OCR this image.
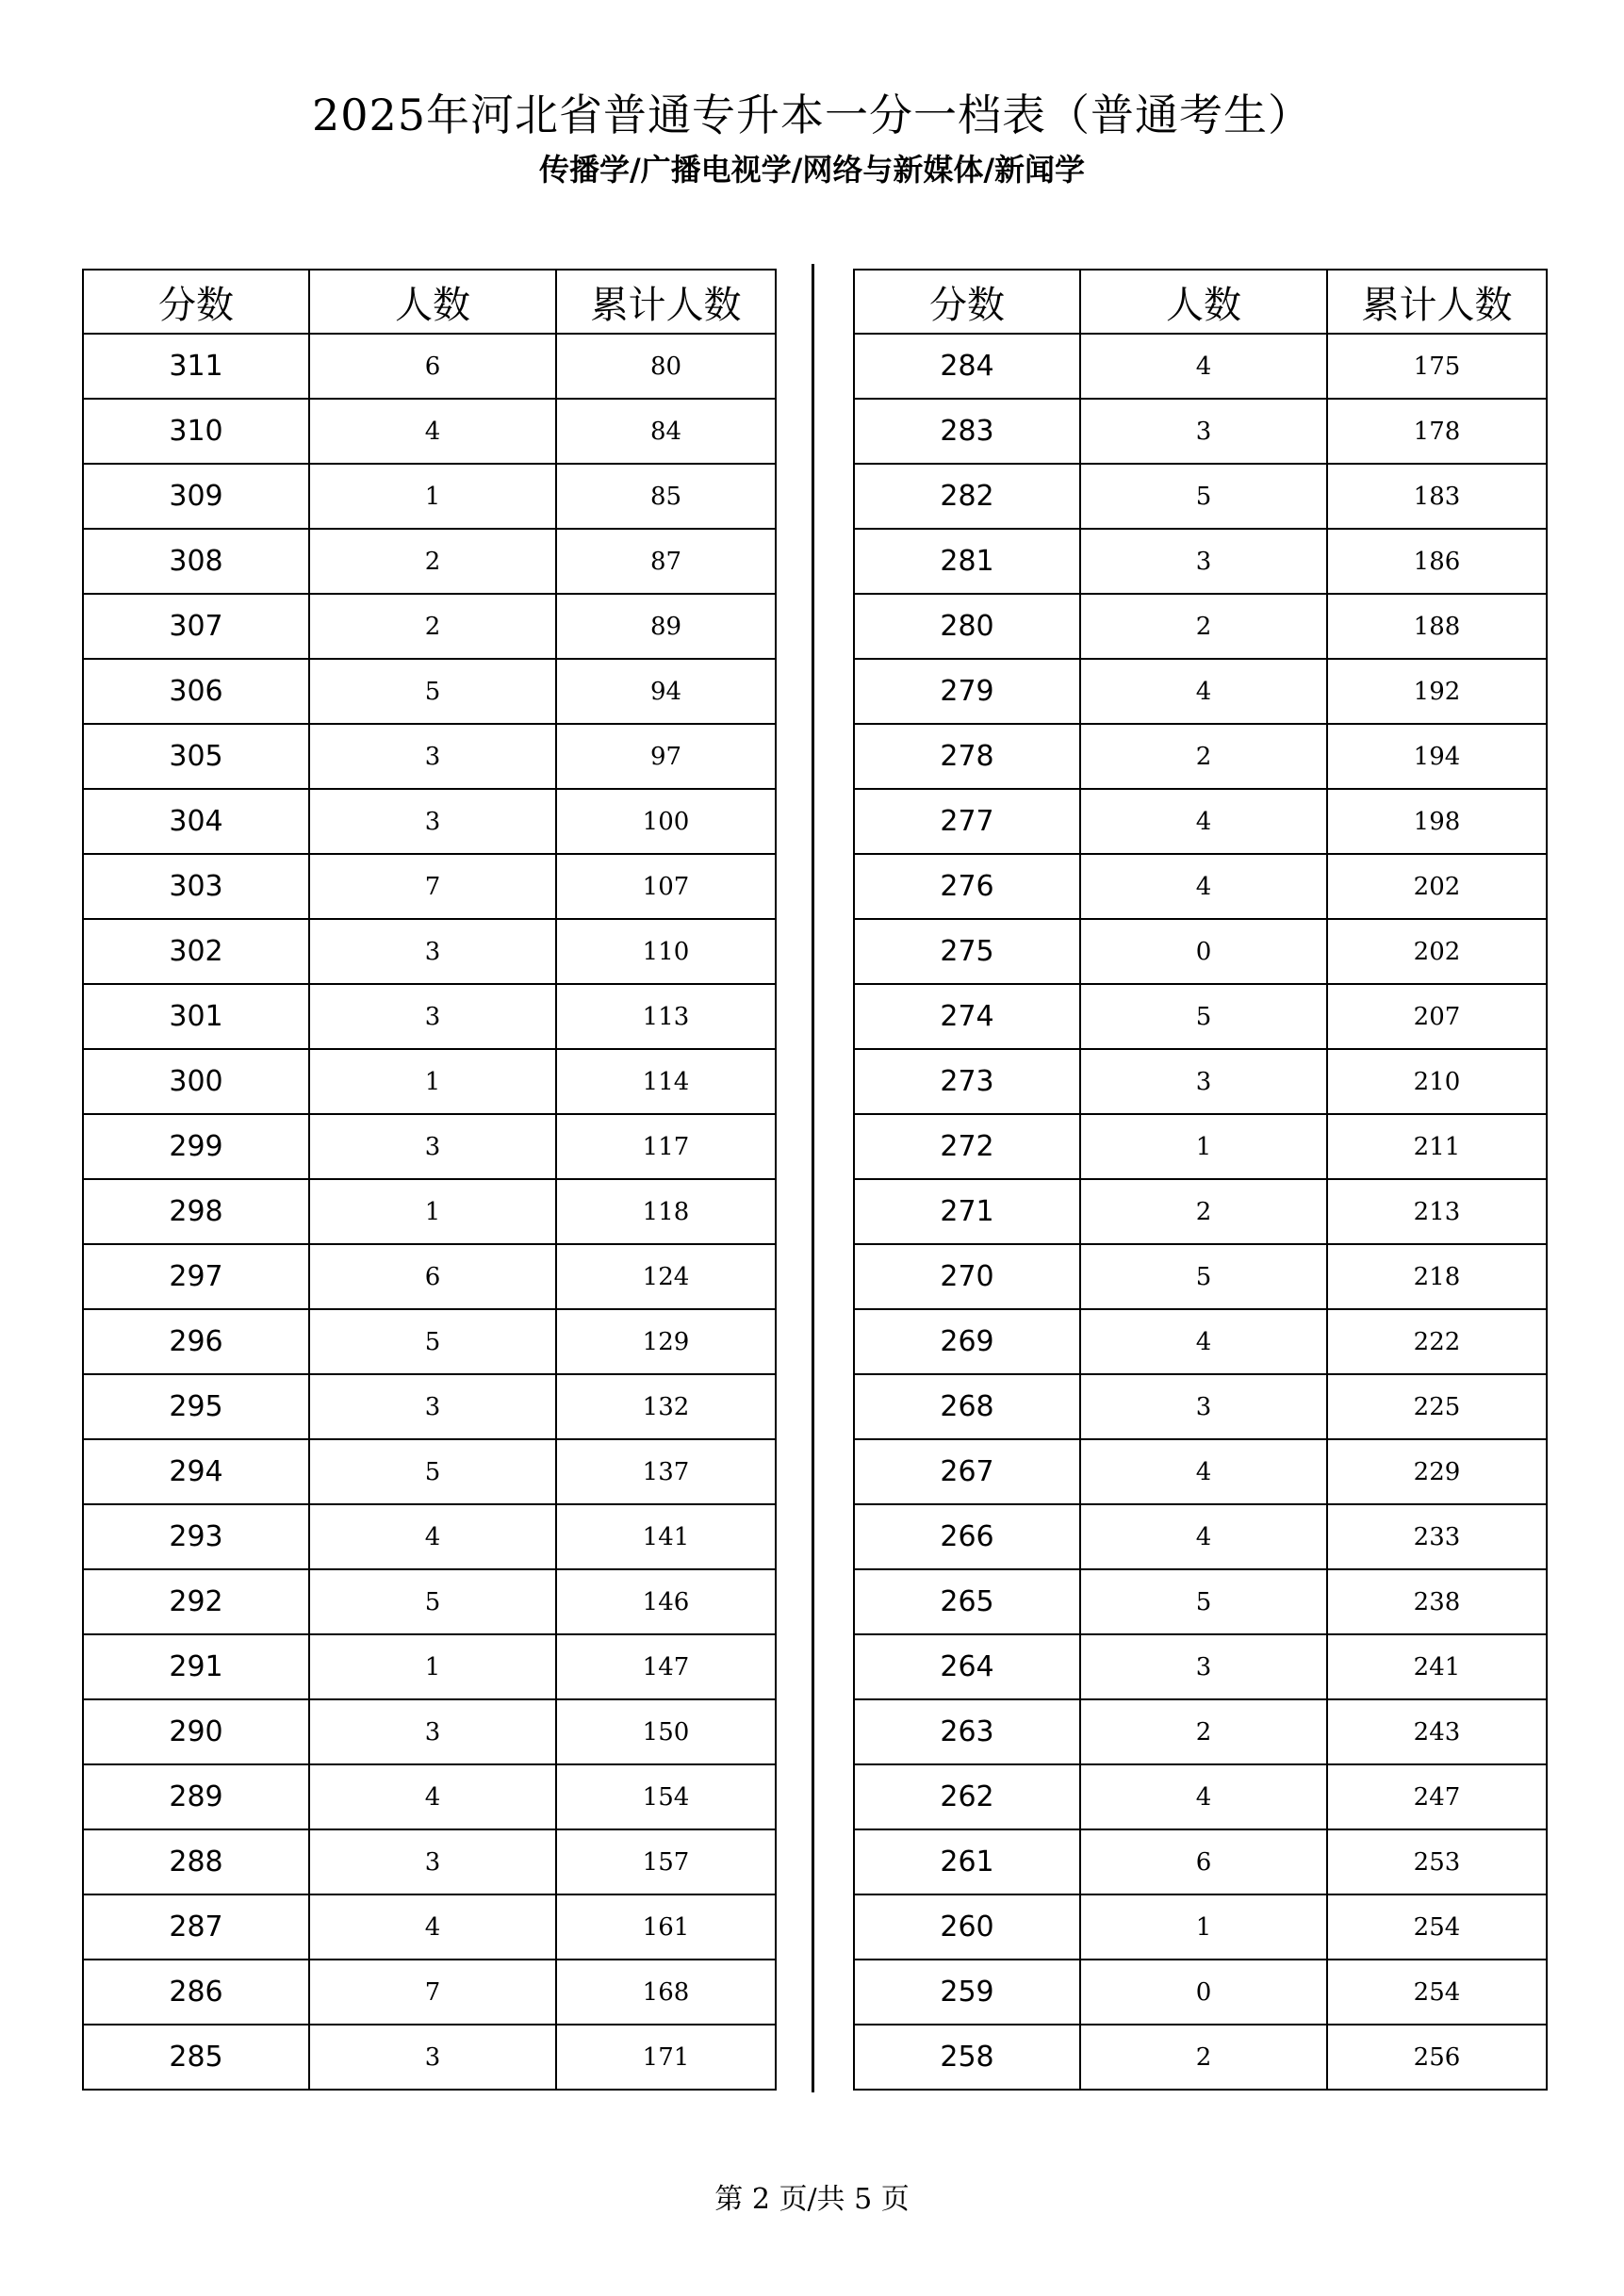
2025年河北省普通专升本一分一档表（普通考生）
传播学/广播电视学/网络与新媒体/新闻学
分数	人数	累计人数
311	6	80
310	4	84
309	1	85
308	2	87
307	2	89
306	5	94
305	3	97
304	3	100
303	7	107
302	3	110
301	3	113
300	1	114
299	3	117
298	1	118
297	6	124
296	5	129
295	3	132
294	5	137
293	4	141
292	5	146
291	1	147
290	3	150
289	4	154
288	3	157
287	4	161
286	7	168
285	3	171
分数	人数	累计人数
284	4	175
283	3	178
282	5	183
281	3	186
280	2	188
279	4	192
278	2	194
277	4	198
276	4	202
275	0	202
274	5	207
273	3	210
272	1	211
271	2	213
270	5	218
269	4	222
268	3	225
267	4	229
266	4	233
265	5	238
264	3	241
263	2	243
262	4	247
261	6	253
260	1	254
259	0	254
258	2	256
第 2 页/共 5 页
